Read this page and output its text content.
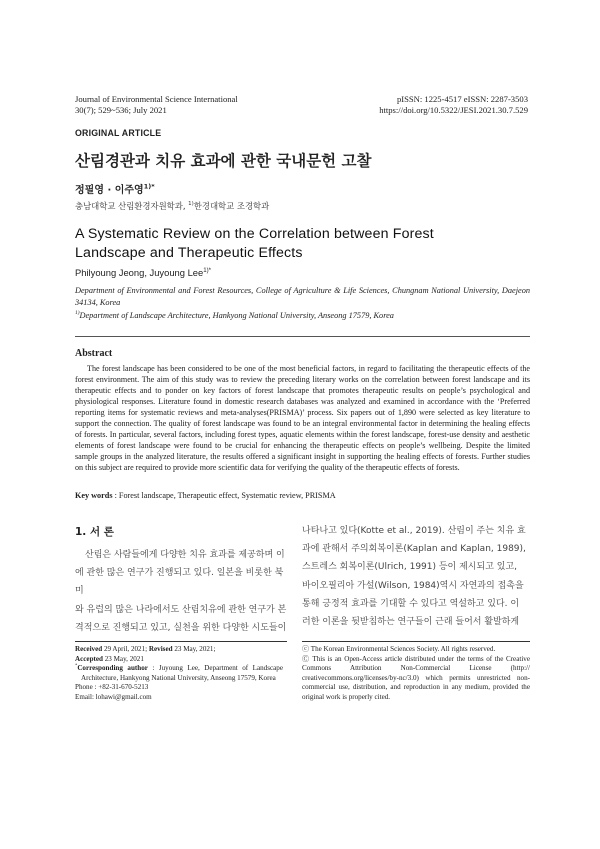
Journal of Environmental Science International
30(7); 529~536; July 2021
pISSN: 1225-4517 eISSN: 2287-3503
https://doi.org/10.5322/JESI.2021.30.7.529
ORIGINAL ARTICLE
산림경관과 치유 효과에 관한 국내문헌 고찰
정필영 · 이주영$^{1)*}$
충남대학교 산림환경자원학과, $^{1)}$한경대학교 조경학과
A Systematic Review on the Correlation between Forest
Landscape and Therapeutic Effects
Philyoung Jeong, Juyoung Lee$^{1)*}$
Department of Environmental and Forest Resources, College of Agriculture & Life Sciences, Chungnam National University, Daejeon 34134, Korea
$^{1)}$Department of Landscape Architecture, Hankyong National University, Anseong 17579, Korea
Abstract
The forest landscape has been considered to be one of the most beneficial factors, in regard to facilitating the therapeutic effects of the forest environment. The aim of this study was to review the preceding literary works on the correlation between forest landscape and its therapeutic effects and to ponder on key factors of forest landscape that promotes therapeutic results on people’s psychological and physiological responses. Literature found in domestic research databases was analyzed and examined in accordance with the ‘Preferred reporting items for systematic reviews and meta-analyses(PRISMA)’ process. Six papers out of 1,890 were selected as key literature to support the connection. The quality of forest landscape was found to be an integral environmental factor in determining the healing effects of forests. In particular, several factors, including forest types, aquatic elements within the forest landscape, forest-use density and aesthetic elements of forest landscape were found to be crucial for enhancing the therapeutic effects on people’s wellbeing. Despite the limited sample groups in the analyzed literature, the results offered a significant insight in supporting the healing effects of forests. Further studies on this subject are required to provide more scientific data for verifying the quality of the therapeutic effects of forests.
Key words : Forest landscape, Therapeutic effect, Systematic review, PRISMA
1. 서 론
산림은 사람들에게 다양한 치유 효과를 제공하며 이
에 관한 많은 연구가 진행되고 있다. 일본을 비롯한 북미
와 유럽의 많은 나라에서도 산림치유에 관한 연구가 본
격적으로 진행되고 있고, 실천을 위한 다양한 시도들이
나타나고 있다(Kotte et al., 2019). 산림이 주는 치유 효
과에 관해서 주의회복이론(Kaplan and Kaplan, 1989),
스트레스 회복이론(Ulrich, 1991) 등이 제시되고 있고,
바이오필리아 가설(Wilson, 1984)역시 자연과의 접촉을
통해 긍정적 효과를 기대할 수 있다고 역설하고 있다. 이
러한 이론을 뒷받침하는 연구들이 근래 들어서 활발하게
Received 29 April, 2021; Revised 23 May, 2021;
Accepted 23 May, 2021
*Corresponding author : Juyoung Lee, Department of Landscape Architecture, Hankyong National University, Anseong 17579, Korea
Phone : +82-31-670-5213
Email: lohawi@gmail.com
ⓒ The Korean Environmental Sciences Society. All rights reserved.
Ⓒ This is an Open-Access article distributed under the terms of the Creative Commons Attribution Non-Commercial License (http:// creativecommons.org/licenses/by-nc/3.0) which permits unrestricted non-commercial use, distribution, and reproduction in any medium, provided the original work is properly cited.
